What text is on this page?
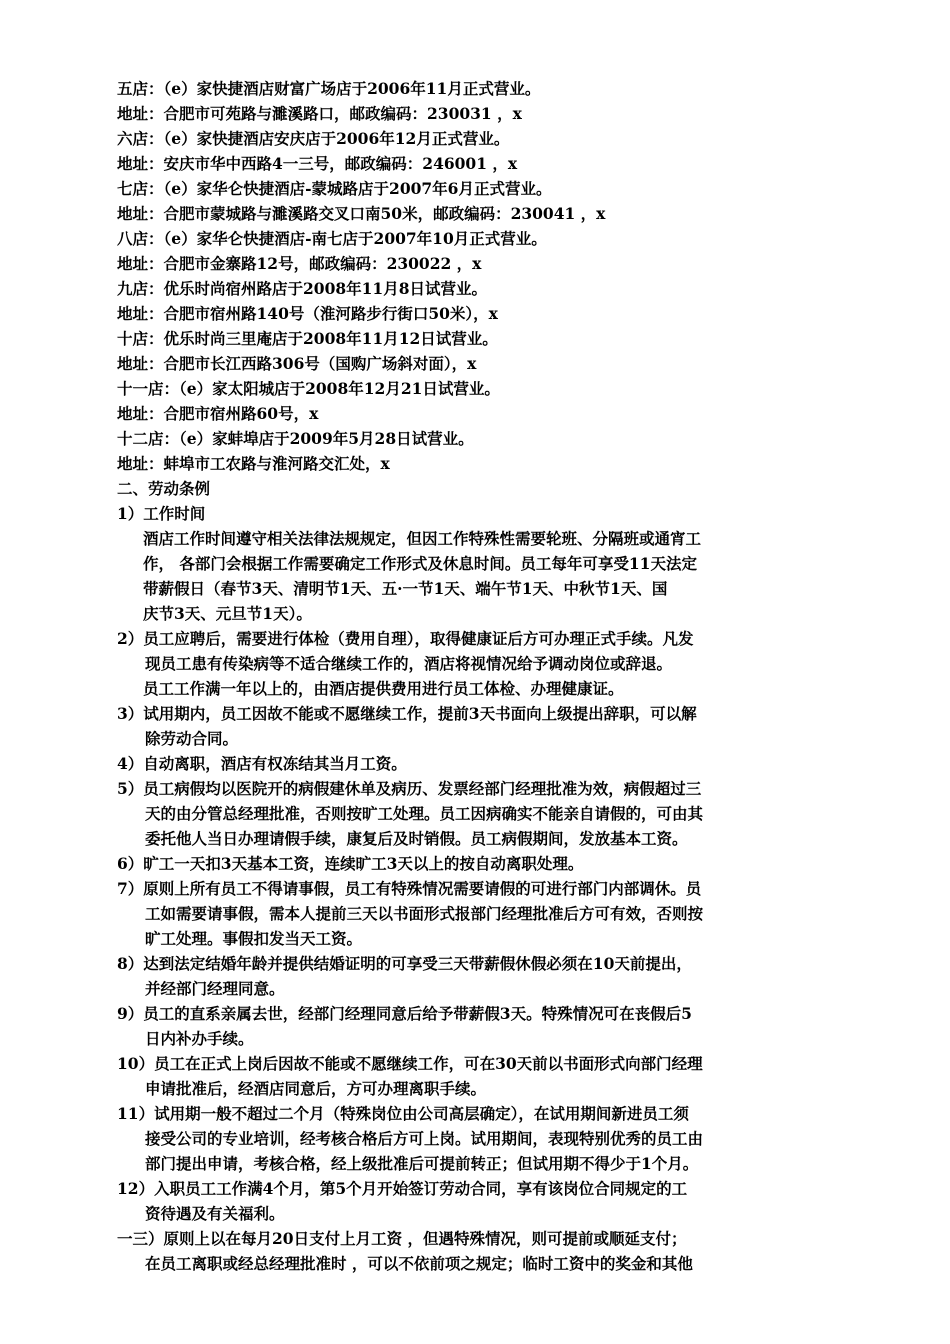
五店：（e）家快捷酒店财富广场店于2006年11月正式营业。
地址：合肥市可苑路与濉溪路口，邮政编码：230031 ，x
六店：（e）家快捷酒店安庆店于2006年12月正式营业。
地址：安庆市华中西路4一三号，邮政编码：246001 ，x
七店：（e）家华仑快捷酒店-蒙城路店于2007年6月正式营业。
地址：合肥市蒙城路与濉溪路交叉口南50米，邮政编码：230041 ，x
八店：（e）家华仑快捷酒店-南七店于2007年10月正式营业。
地址：合肥市金寨路12号，邮政编码：230022 ，x
九店：优乐时尚宿州路店于2008年11月8日试营业。
地址：合肥市宿州路140号（淮河路步行街口50米），x
十店：优乐时尚三里庵店于2008年11月12日试营业。
地址：合肥市长江西路306号（国购广场斜对面），x
十一店：（e）家太阳城店于2008年12月21日试营业。
地址：合肥市宿州路60号，x
十二店：（e）家蚌埠店于2009年5月28日试营业。
地址：蚌埠市工农路与淮河路交汇处，x
二、劳动条例
1）工作时间
酒店工作时间遵守相关法律法规规定，但因工作特殊性需要轮班、分隔班或通宵工
作， 各部门会根据工作需要确定工作形式及休息时间。员工每年可享受11天法定
带薪假日（春节3天、清明节1天、五·一节1天、端午节1天、中秋节1天、国
庆节3天、元旦节1天）。
2）员工应聘后，需要进行体检（费用自理），取得健康证后方可办理正式手续。凡发
现员工患有传染病等不适合继续工作的，酒店将视情况给予调动岗位或辞退。
员工工作满一年以上的，由酒店提供费用进行员工体检、办理健康证。
3）试用期内，员工因故不能或不愿继续工作，提前3天书面向上级提出辞职，可以解
除劳动合同。
4）自动离职，酒店有权冻结其当月工资。
5）员工病假均以医院开的病假建休单及病历、发票经部门经理批准为效，病假超过三
天的由分管总经理批准，否则按旷工处理。员工因病确实不能亲自请假的，可由其
委托他人当日办理请假手续，康复后及时销假。员工病假期间，发放基本工资。
6）旷工一天扣3天基本工资，连续旷工3天以上的按自动离职处理。
7）原则上所有员工不得请事假，员工有特殊情况需要请假的可进行部门内部调休。员
工如需要请事假，需本人提前三天以书面形式报部门经理批准后方可有效，否则按
旷工处理。事假扣发当天工资。
8）达到法定结婚年龄并提供结婚证明的可享受三天带薪假休假必须在10天前提出，
并经部门经理同意。
9）员工的直系亲属去世，经部门经理同意后给予带薪假3天。特殊情况可在丧假后5
日内补办手续。
10）员工在正式上岗后因故不能或不愿继续工作，可在30天前以书面形式向部门经理
申请批准后，经酒店同意后，方可办理离职手续。
11）试用期一般不超过二个月（特殊岗位由公司高层确定），在试用期间新进员工须
接受公司的专业培训，经考核合格后方可上岗。试用期间，表现特别优秀的员工由
部门提出申请，考核合格，经上级批准后可提前转正；但试用期不得少于1个月。
12）入职员工工作满4个月，第5个月开始签订劳动合同，享有该岗位合同规定的工
资待遇及有关福利。
一三）原则上以在每月20日支付上月工资 ，但遇特殊情况，则可提前或顺延支付；
在员工离职或经总经理批准时 ，可以不依前项之规定；临时工资中的奖金和其他
